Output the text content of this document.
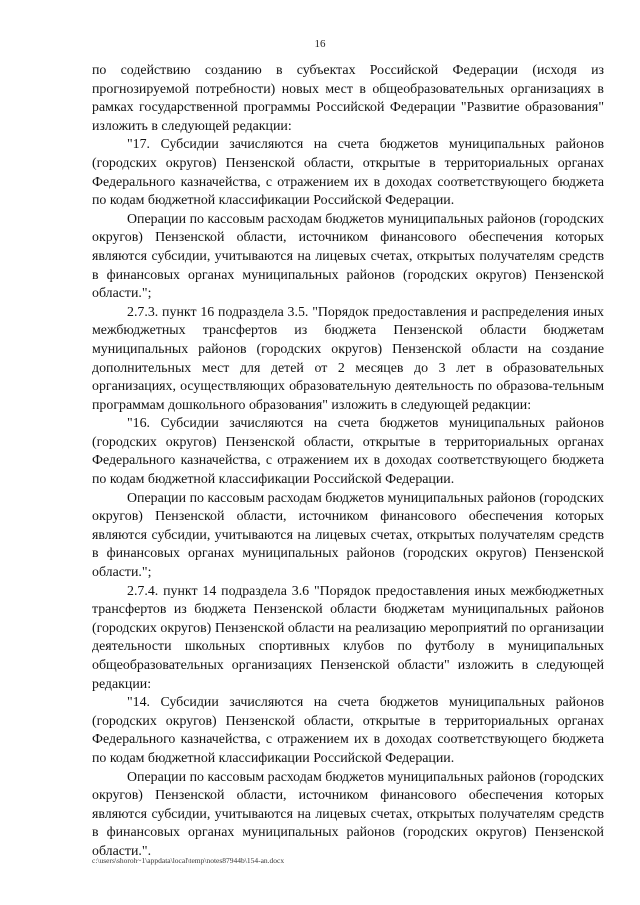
16

по содействию созданию в субъектах Российской Федерации (исходя из прогнозируемой потребности) новых мест в общеобразовательных организациях в рамках государственной программы Российской Федерации "Развитие образования" изложить в следующей редакции:

"17. Субсидии зачисляются на счета бюджетов муниципальных районов (городских округов) Пензенской области, открытые в территориальных органах Федерального казначейства, с отражением их в доходах соответствующего бюджета по кодам бюджетной классификации Российской Федерации.

Операции по кассовым расходам бюджетов муниципальных районов (городских округов) Пензенской области, источником финансового обеспечения которых являются субсидии, учитываются на лицевых счетах, открытых получателям средств в финансовых органах муниципальных районов (городских округов) Пензенской области.";

2.7.3. пункт 16 подраздела 3.5. "Порядок предоставления и распределения иных межбюджетных трансфертов из бюджета Пензенской области бюджетам муниципальных районов (городских округов) Пензенской области на создание дополнительных мест для детей от 2 месяцев до 3 лет в образовательных организациях, осуществляющих образовательную деятельность по образова-тельным программам дошкольного образования" изложить в следующей редакции:

"16. Субсидии зачисляются на счета бюджетов муниципальных районов (городских округов) Пензенской области, открытые в территориальных органах Федерального казначейства, с отражением их в доходах соответствующего бюджета по кодам бюджетной классификации Российской Федерации.

Операции по кассовым расходам бюджетов муниципальных районов (городских округов) Пензенской области, источником финансового обеспечения которых являются субсидии, учитываются на лицевых счетах, открытых получателям средств в финансовых органах муниципальных районов (городских округов) Пензенской области.";

2.7.4. пункт 14 подраздела 3.6 "Порядок предоставления иных межбюджетных трансфертов из бюджета Пензенской области бюджетам муниципальных районов (городских округов) Пензенской области на реализацию мероприятий по организации деятельности школьных спортивных клубов по футболу в муниципальных общеобразовательных организациях Пензенской области" изложить в следующей редакции:

"14. Субсидии зачисляются на счета бюджетов муниципальных районов (городских округов) Пензенской области, открытые в территориальных органах Федерального казначейства, с отражением их в доходах соответствующего бюджета по кодам бюджетной классификации Российской Федерации.

Операции по кассовым расходам бюджетов муниципальных районов (городских округов) Пензенской области, источником финансового обеспечения которых являются субсидии, учитываются на лицевых счетах, открытых получателям средств в финансовых органах муниципальных районов (городских округов) Пензенской области.".

c:\users\shoroh~1\appdata\local\temp\notes87944b\154-an.docx
